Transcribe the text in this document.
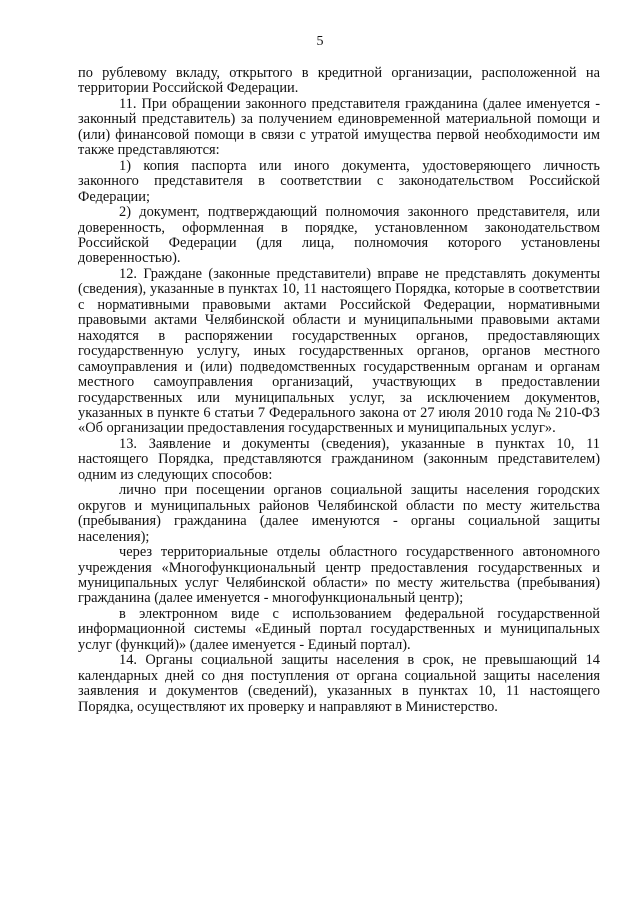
5

по рублевому вкладу, открытого в кредитной организации, расположенной на территории Российской Федерации.

11. При обращении законного представителя гражданина (далее именуется - законный представитель) за получением единовременной материальной помощи и (или) финансовой помощи в связи с утратой имущества первой необходимости им также представляются:

1) копия паспорта или иного документа, удостоверяющего личность законного представителя в соответствии с законодательством Российской Федерации;

2) документ, подтверждающий полномочия законного представителя, или доверенность, оформленная в порядке, установленном законодательством Российской Федерации (для лица, полномочия которого установлены доверенностью).

12. Граждане (законные представители) вправе не представлять документы (сведения), указанные в пунктах 10, 11 настоящего Порядка, которые в соответствии с нормативными правовыми актами Российской Федерации, нормативными правовыми актами Челябинской области и муниципальными правовыми актами находятся в распоряжении государственных органов, предоставляющих государственную услугу, иных государственных органов, органов местного самоуправления и (или) подведомственных государственным органам и органам местного самоуправления организаций, участвующих в предоставлении государственных или муниципальных услуг, за исключением документов, указанных в пункте 6 статьи 7 Федерального закона от 27 июля 2010 года № 210-ФЗ «Об организации предоставления государственных и муниципальных услуг».

13. Заявление и документы (сведения), указанные в пунктах 10, 11 настоящего Порядка, представляются гражданином (законным представителем) одним из следующих способов:

лично при посещении органов социальной защиты населения городских округов и муниципальных районов Челябинской области по месту жительства (пребывания) гражданина (далее именуются - органы социальной защиты населения);

через территориальные отделы областного государственного автономного учреждения «Многофункциональный центр предоставления государственных и муниципальных услуг Челябинской области» по месту жительства (пребывания) гражданина (далее именуется - многофункциональный центр);

в электронном виде с использованием федеральной государственной информационной системы «Единый портал государственных и муниципальных услуг (функций)» (далее именуется - Единый портал).

14. Органы социальной защиты населения в срок, не превышающий 14 календарных дней со дня поступления от органа социальной защиты населения заявления и документов (сведений), указанных в пунктах 10, 11 настоящего Порядка, осуществляют их проверку и направляют в Министерство.
